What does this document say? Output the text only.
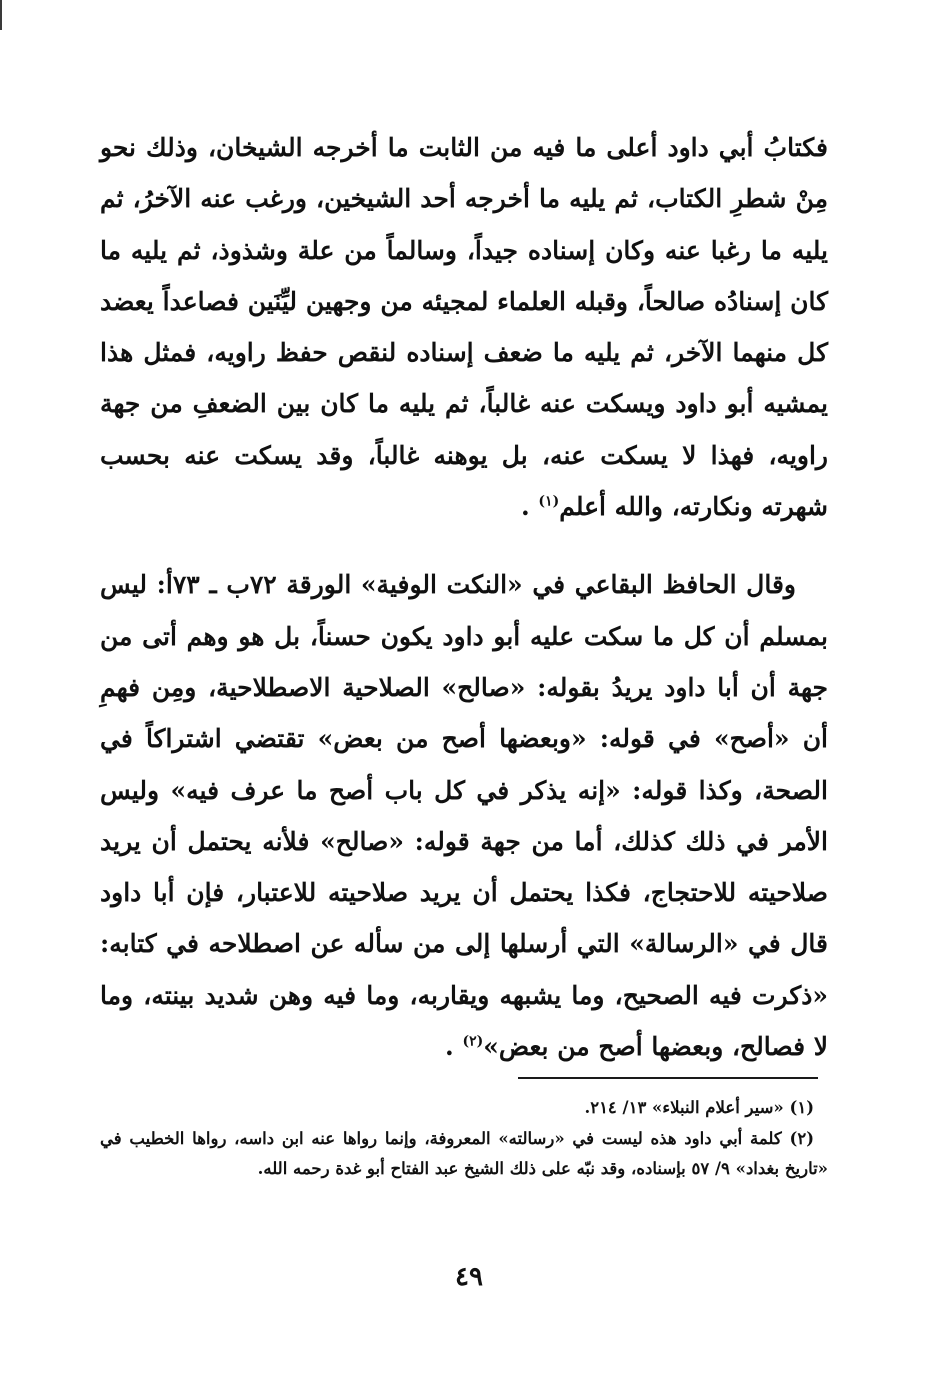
فكتابُ أبي داود أعلى ما فيه من الثابت ما أخرجه الشيخان، وذلك نحو مِنْ شطرِ الكتاب، ثم يليه ما أخرجه أحد الشيخين، ورغب عنه الآخرُ، ثم يليه ما رغبا عنه وكان إسناده جيداً، وسالماً من علة وشذوذ، ثم يليه ما كان إسنادُه صالحاً، وقبله العلماء لمجيئه من وجهين ليِّنَين فصاعداً يعضد كل منهما الآخر، ثم يليه ما ضعف إسناده لنقص حفظ راويه، فمثل هذا يمشيه أبو داود ويسكت عنه غالباً، ثم يليه ما كان بين الضعفِ من جهة راويه، فهذا لا يسكت عنه، بل يوهنه غالباً، وقد يسكت عنه بحسب شهرته ونكارته، والله أعلم$^{(١)}$ .

وقال الحافظ البقاعي في «النكت الوفية» الورقة ٧٢ب ـ ٧٣أ: ليس بمسلم أن كل ما سكت عليه أبو داود يكون حسناً، بل هو وهم أتى من جهة أن أبا داود يريدُ بقوله: «صالح» الصلاحية الاصطلاحية، ومِن فهمِ أن «أصح» في قوله: «وبعضها أصح من بعض» تقتضي اشتراكاً في الصحة، وكذا قوله: «إنه يذكر في كل باب أصح ما عرف فيه» وليس الأمر في ذلك كذلك، أما من جهة قوله: «صالح» فلأنه يحتمل أن يريد صلاحيته للاحتجاج، فكذا يحتمل أن يريد صلاحيته للاعتبار، فإن أبا داود قال في «الرسالة» التي أرسلها إلى من سأله عن اصطلاحه في كتابه: «ذكرت فيه الصحيح، وما يشبهه ويقاربه، وما فيه وهن شديد بينته، وما لا فصالح، وبعضها أصح من بعض»$^{(٢)}$ .

(١) «سير أعلام النبلاء» ١٣/ ٢١٤.

(٢) كلمة أبي داود هذه ليست في «رسالته» المعروفة، وإنما رواها عنه ابن داسه، رواها الخطيب في «تاريخ بغداد» ٩/ ٥٧ بإسناده، وقد نبّه على ذلك الشيخ عبد الفتاح أبو غدة رحمه الله.

٤٩
